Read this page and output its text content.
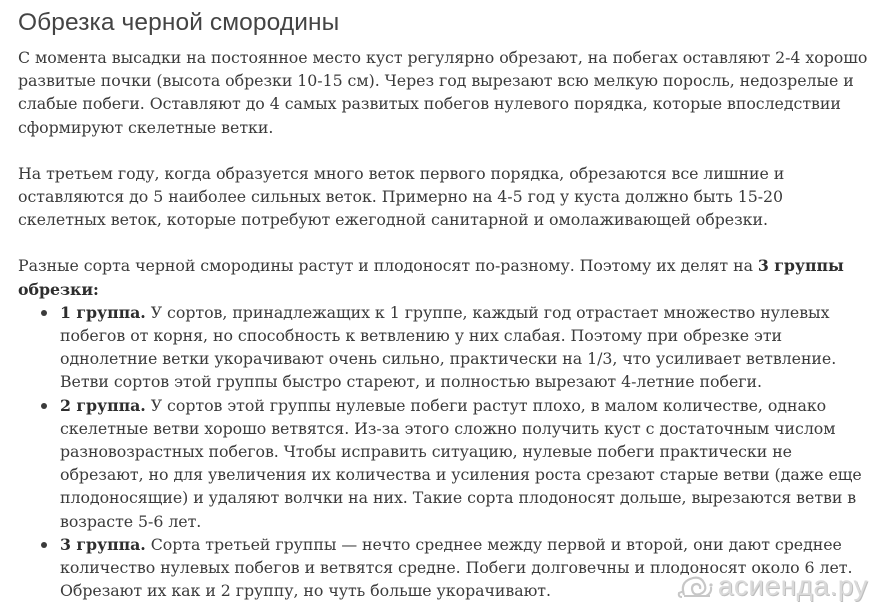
Обрезка черной смородины

С момента высадки на постоянное место куст регулярно обрезают, на побегах оставляют 2-4 хорошо развитые почки (высота обрезки 10-15 см). Через год вырезают всю мелкую поросль, недозрелые и слабые побеги. Оставляют до 4 самых развитых побегов нулевого порядка, которые впоследствии сформируют скелетные ветки.

На третьем году, когда образуется много веток первого порядка, обрезаются все лишние и оставляются до 5 наиболее сильных веток. Примерно на 4-5 год у куста должно быть 15-20 скелетных веток, которые потребуют ежегодной санитарной и омолаживающей обрезки.

Разные сорта черной смородины растут и плодоносят по-разному. Поэтому их делят на 3 группы обрезки:

1 группа. У сортов, принадлежащих к 1 группе, каждый год отрастает множество нулевых побегов от корня, но способность к ветвлению у них слабая. Поэтому при обрезке эти однолетние ветки укорачивают очень сильно, практически на 1/3, что усиливает ветвление. Ветви сортов этой группы быстро стареют, и полностью вырезают 4-летние побеги.
2 группа. У сортов этой группы нулевые побеги растут плохо, в малом количестве, однако скелетные ветви хорошо ветвятся. Из-за этого сложно получить куст с достаточным числом разновозрастных побегов. Чтобы исправить ситуацию, нулевые побеги практически не обрезают, но для увеличения их количества и усиления роста срезают старые ветви (даже еще плодоносящие) и удаляют волчки на них. Такие сорта плодоносят дольше, вырезаются ветви в возрасте 5-6 лет.
3 группа. Сорта третьей группы — нечто среднее между первой и второй, они дают среднее количество нулевых побегов и ветвятся средне. Побеги долговечны и плодоносят около 6 лет. Обрезают их как и 2 группу, но чуть больше укорачивают.	асиенда.ру
